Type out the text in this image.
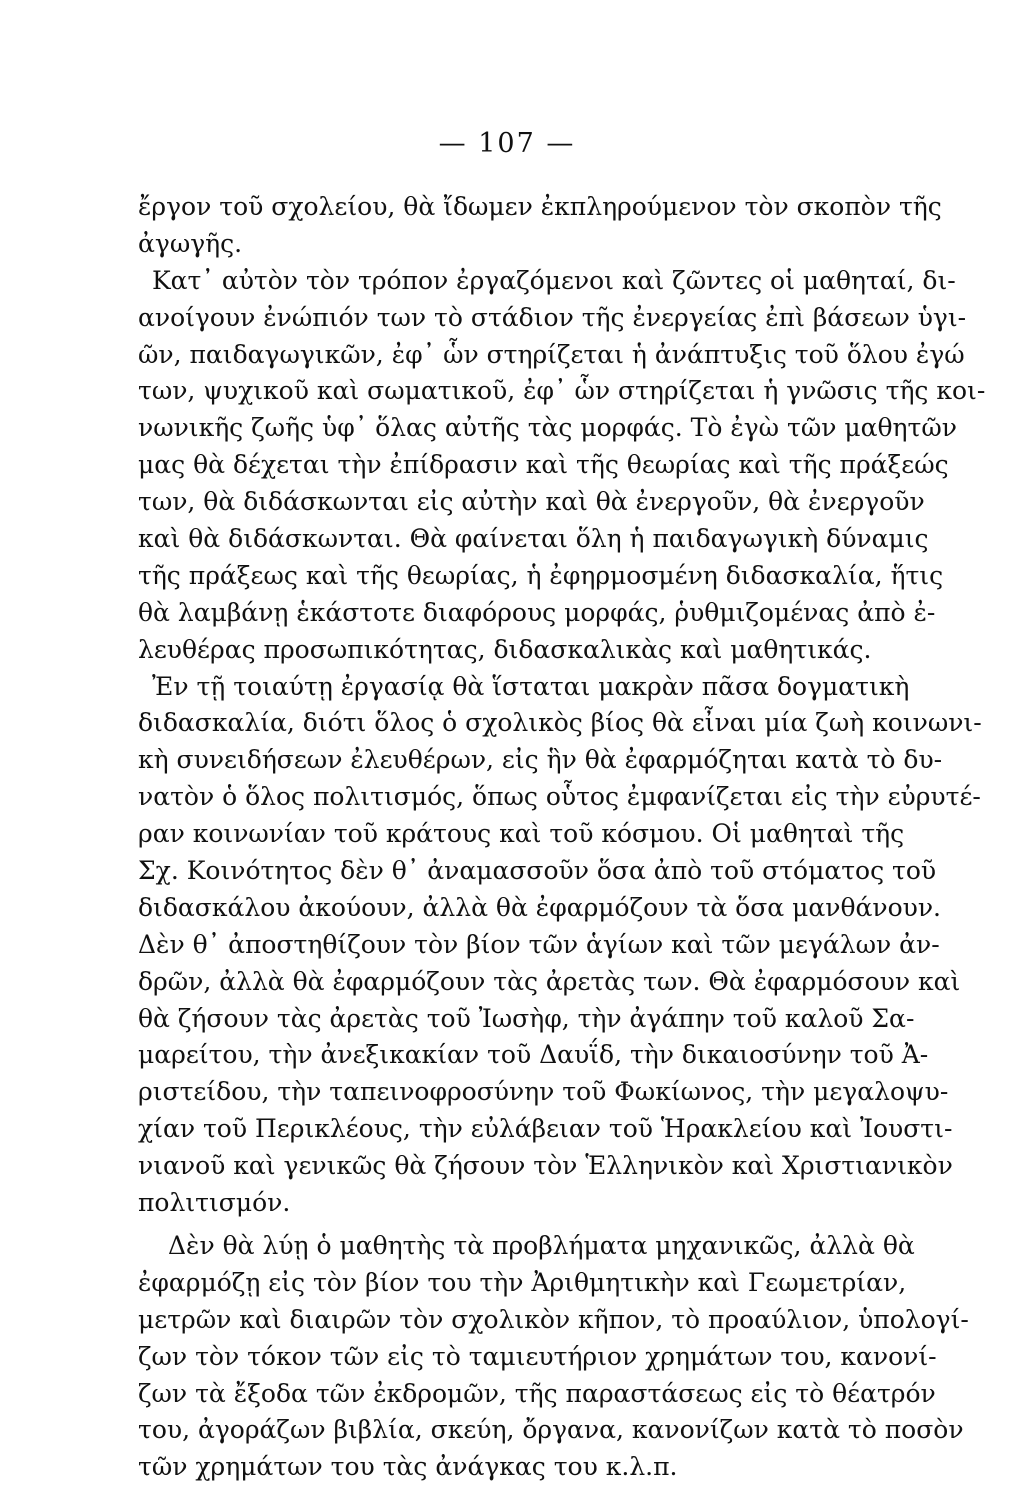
— 107 —
ἔργον τοῦ σχολείου, θὰ ἴδωμεν ἐκπληρούμενον τὸν σκοπὸν τῆς
ἀγωγῆς.
Κατ᾽ αὐτὸν τὸν τρόπον ἐργαζόμενοι καὶ ζῶντες οἱ μαθηταί, δι-
ανοίγουν ἐνώπιόν των τὸ στάδιον τῆς ἐνεργείας ἐπὶ βάσεων ὑγι-
ῶν, παιδαγωγικῶν, ἐφ᾽ ὧν στηρίζεται ἡ ἀνάπτυξις τοῦ ὅλου ἐγώ
των, ψυχικοῦ καὶ σωματικοῦ, ἐφ᾽ ὧν στηρίζεται ἡ γνῶσις τῆς κοι-
νωνικῆς ζωῆς ὑφ᾽ ὅλας αὐτῆς τὰς μορφάς. Τὸ ἐγὼ τῶν μαθητῶν
μας θὰ δέχεται τὴν ἐπίδρασιν καὶ τῆς θεωρίας καὶ τῆς πράξεώς
των, θὰ διδάσκωνται εἰς αὐτὴν καὶ θὰ ἐνεργοῦν, θὰ ἐνεργοῦν
καὶ θὰ διδάσκωνται. Θὰ φαίνεται ὅλη ἡ παιδαγωγικὴ δύναμις
τῆς πράξεως καὶ τῆς θεωρίας, ἡ ἐφηρμοσμένη διδασκαλία, ἥτις
θὰ λαμβάνῃ ἑκάστοτε διαφόρους μορφάς, ῥυθμιζομένας ἀπὸ ἐ-
λευθέρας προσωπικότητας, διδασκαλικὰς καὶ μαθητικάς.
Ἐν τῇ τοιαύτῃ ἐργασίᾳ θὰ ἵσταται μακρὰν πᾶσα δογματικὴ
διδασκαλία, διότι ὅλος ὁ σχολικὸς βίος θὰ εἶναι μία ζωὴ κοινωνι-
κὴ συνειδήσεων ἐλευθέρων, εἰς ἣν θὰ ἐφαρμόζηται κατὰ τὸ δυ-
νατὸν ὁ ὅλος πολιτισμός, ὅπως οὗτος ἐμφανίζεται εἰς τὴν εὐρυτέ-
ραν κοινωνίαν τοῦ κράτους καὶ τοῦ κόσμου. Οἱ μαθηταὶ τῆς
Σχ. Κοινότητος δὲν θ᾽ ἀναμασσοῦν ὅσα ἀπὸ τοῦ στόματος τοῦ
διδασκάλου ἀκούουν, ἀλλὰ θὰ ἐφαρμόζουν τὰ ὅσα μανθάνουν.
Δὲν θ᾽ ἀποστηθίζουν τὸν βίον τῶν ἁγίων καὶ τῶν μεγάλων ἀν-
δρῶν, ἀλλὰ θὰ ἐφαρμόζουν τὰς ἀρετὰς των. Θὰ ἐφαρμόσουν καὶ
θὰ ζήσουν τὰς ἀρετὰς τοῦ Ἰωσὴφ, τὴν ἀγάπην τοῦ καλοῦ Σα-
μαρείτου, τὴν ἀνεξικακίαν τοῦ Δαυΐδ, τὴν δικαιοσύνην τοῦ Ἀ-
ριστείδου, τὴν ταπεινοφροσύνην τοῦ Φωκίωνος, τὴν μεγαλοψυ-
χίαν τοῦ Περικλέους, τὴν εὐλάβειαν τοῦ Ἡρακλείου καὶ Ἰουστι-
νιανοῦ καὶ γενικῶς θὰ ζήσουν τὸν Ἑλληνικὸν καὶ Χριστιανικὸν
πολιτισμόν.
Δὲν θὰ λύῃ ὁ μαθητὴς τὰ προβλήματα μηχανικῶς, ἀλλὰ θὰ
ἐφαρμόζῃ εἰς τὸν βίον του τὴν Ἀριθμητικὴν καὶ Γεωμετρίαν,
μετρῶν καὶ διαιρῶν τὸν σχολικὸν κῆπον, τὸ προαύλιον, ὑπολογί-
ζων τὸν τόκον τῶν εἰς τὸ ταμιευτήριον χρημάτων του, κανονί-
ζων τὰ ἔξοδα τῶν ἐκδρομῶν, τῆς παραστάσεως εἰς τὸ θέατρόν
του, ἀγοράζων βιβλία, σκεύη, ὄργανα, κανονίζων κατὰ τὸ ποσὸν
τῶν χρημάτων του τὰς ἀνάγκας του κ.λ.π.
